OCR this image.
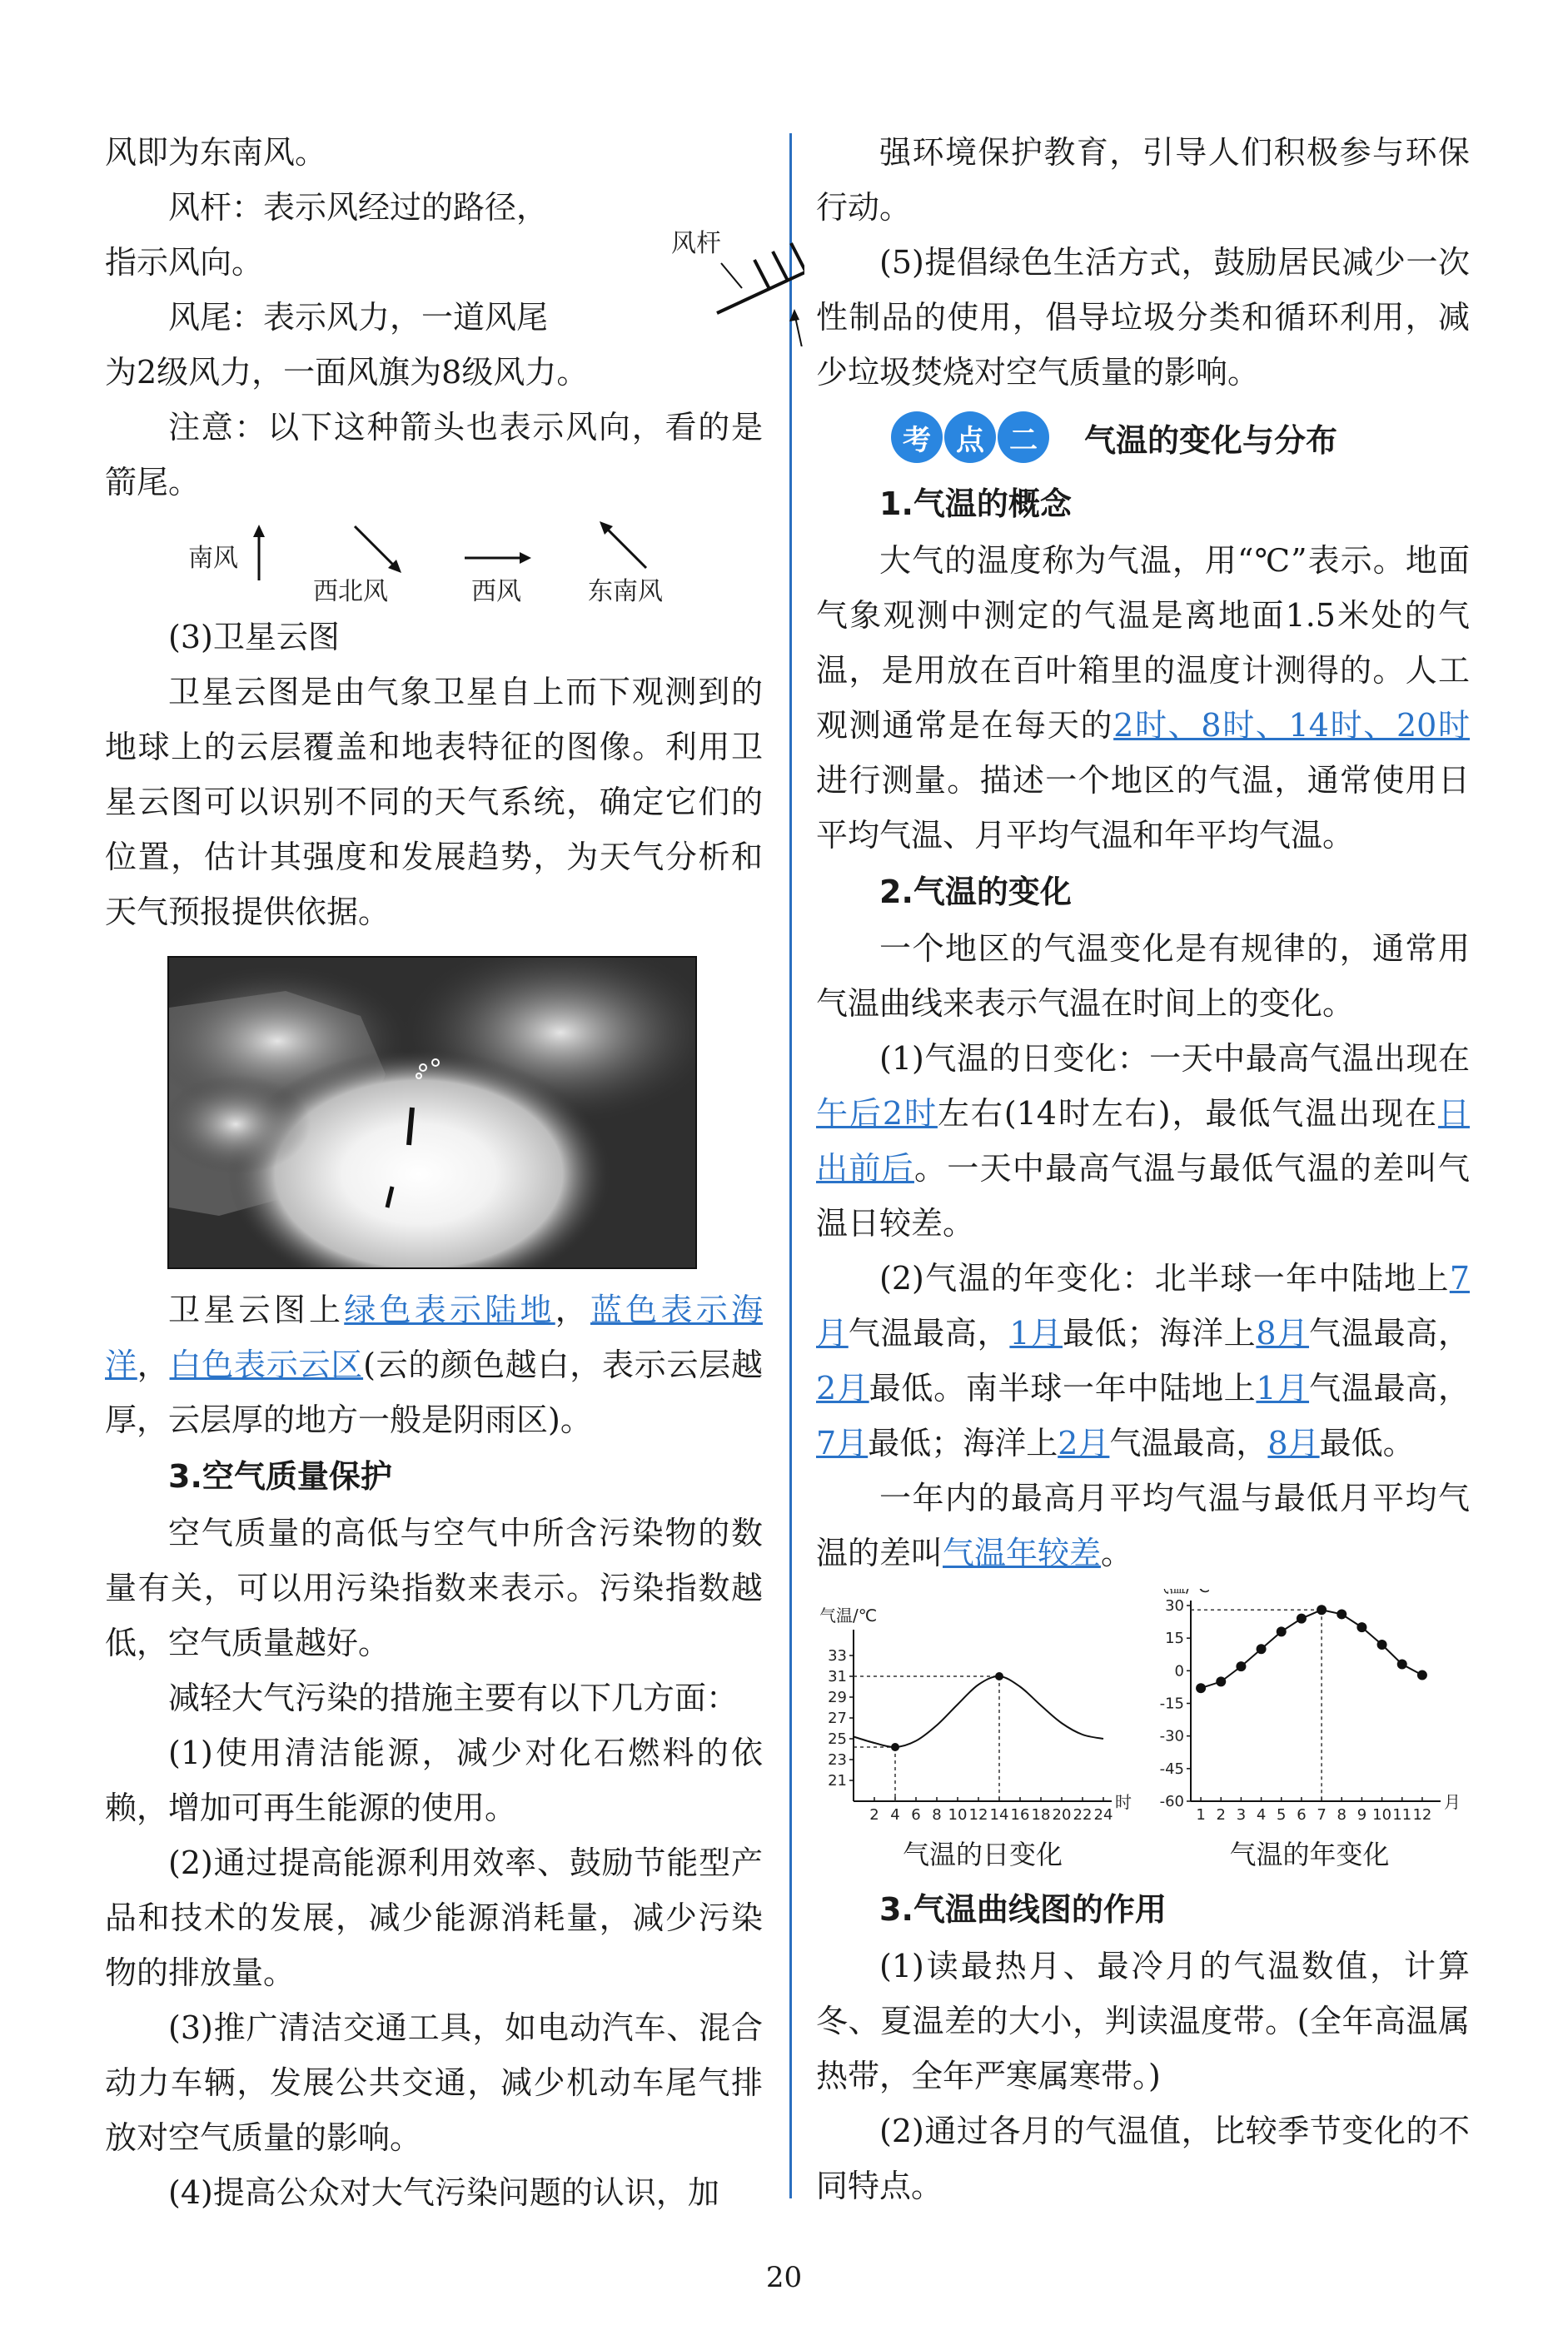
风即为东南风。

风杆：表示风经过的路径，

指示风向。

风尾：表示风力，一道风尾

为2级风力，一面风旗为8级风力。

风杆

注意：以下这种箭头也表示风向，看的是箭尾。

南风
西北风	西风	东南风

(3)卫星云图

卫星云图是由气象卫星自上而下观测到的地球上的云层覆盖和地表特征的图像。利用卫星云图可以识别不同的天气系统，确定它们的位置，估计其强度和发展趋势，为天气分析和天气预报提供依据。

卫星云图上绿色表示陆地，蓝色表示海洋，白色表示云区(云的颜色越白，表示云层越厚，云层厚的地方一般是阴雨区)。

3.空气质量保护

空气质量的高低与空气中所含污染物的数量有关，可以用污染指数来表示。污染指数越低，空气质量越好。

减轻大气污染的措施主要有以下几方面：

(1)使用清洁能源，减少对化石燃料的依赖，增加可再生能源的使用。

(2)通过提高能源利用效率、鼓励节能型产品和技术的发展，减少能源消耗量，减少污染物的排放量。

(3)推广清洁交通工具，如电动汽车、混合动力车辆，发展公共交通，减少机动车尾气排放对空气质量的影响。

(4)提高公众对大气污染问题的认识，加

强环境保护教育，引导人们积极参与环保行动。

(5)提倡绿色生活方式，鼓励居民减少一次性制品的使用，倡导垃圾分类和循环利用，减少垃圾焚烧对空气质量的影响。

考 点 二	气温的变化与分布

1.气温的概念

大气的温度称为气温，用“℃”表示。地面气象观测中测定的气温是离地面1.5米处的气温，是用放在百叶箱里的温度计测得的。人工观测通常是在每天的2时、8时、14时、20时进行测量。描述一个地区的气温，通常使用日平均气温、月平均气温和年平均气温。

2.气温的变化

一个地区的气温变化是有规律的，通常用气温曲线来表示气温在时间上的变化。

(1)气温的日变化：一天中最高气温出现在午后2时左右(14时左右)，最低气温出现在日出前后。一天中最高气温与最低气温的差叫气温日较差。

(2)气温的年变化：北半球一年中陆地上7月气温最高，1月最低；海洋上8月气温最高，2月最低。南半球一年中陆地上1月气温最高，7月最低；海洋上2月气温最高，8月最低。

一年内的最高月平均气温与最低月平均气温的差叫气温年较差。

气温/℃
21
23
25
27
29
31
33
2 4 6 8 10 12 14 16 18 20 22 24
时
气温的日变化
-60
-45
-30
-15
0
15
30
1 2 3 4 5 6 7 8 9 10 11 12
月
气温的年变化

3.气温曲线图的作用

(1)读最热月、最冷月的气温数值，计算冬、夏温差的大小，判读温度带。(全年高温属热带，全年严寒属寒带。)

(2)通过各月的气温值，比较季节变化的不同特点。

20
